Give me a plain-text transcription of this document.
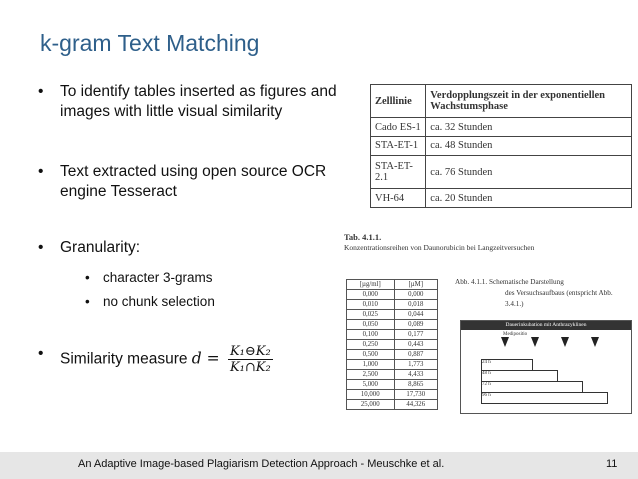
k-gram Text Matching
• To identify tables inserted as figures and images with little visual similarity
• Text extracted using open source OCR engine Tesseract
• Granularity:
• character 3-grams
• no chunk selection
• Similarity measure $d = \frac{\text{K₁⊖K₂}}{\text{K₁∩K₂}}$
Zelllinie	Verdopplungszeit in der exponentiellen Wachstumsphase
Cado ES-1	ca. 32 Stunden
STA-ET-1	ca. 48 Stunden
STA-ET-2.1	ca. 76 Stunden
VH-64	ca. 20 Stunden
Tab. 4.1.1.
Konzentrationsreihen von Daunorubicin bei Langzeitversuchen
[µg/ml]	[µM]
0,000	0,000
0,010	0,018
0,025	0,044
0,050	0,089
0,100	0,177
0,250	0,443
0,500	0,887
1,000	1,773
2,500	4,433
5,000	8,865
10,000	17,730
25,000	44,326
Abb. 4.1.1. Schematische Darstellung
des Versuchsaufbaus (entspricht Abb.
3.4.1.)
Dauerinkubation mit Anthrazyklinen
Medipositio
24 h
48 h
72 h
96 h
An Adaptive Image-based Plagiarism Detection Approach - Meuschke et al.	11
